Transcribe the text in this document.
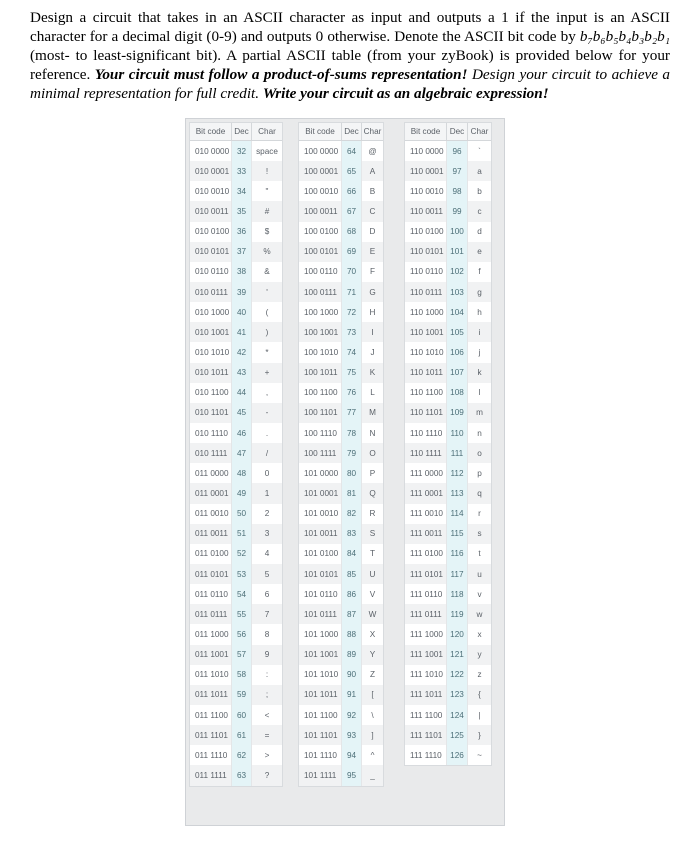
Design a circuit that takes in an ASCII character as input and outputs a 1 if the input is an ASCII character for a decimal digit (0-9) and outputs 0 otherwise. Denote the ASCII bit code by b₇b₆b₅b₄b₃b₂b₁ (most- to least-significant bit). A partial ASCII table (from your zyBook) is provided below for your reference. Your circuit must follow a product-of-sums representation! Design your circuit to achieve a minimal representation for full credit. Write your circuit as an algebraic expression!
Bit code	Dec	Char
010 0000	32	space
010 0001	33	!
010 0010	34	"
010 0011	35	#
010 0100	36	$
010 0101	37	%
010 0110	38	&
010 0111	39	'
010 1000	40	(
010 1001	41	)
010 1010	42	*
010 1011	43	+
010 1100	44	,
010 1101	45	-
010 1110	46	.
010 1111	47	/
011 0000	48	0
011 0001	49	1
011 0010	50	2
011 0011	51	3
011 0100	52	4
011 0101	53	5
011 0110	54	6
011 0111	55	7
011 1000	56	8
011 1001	57	9
011 1010	58	:
011 1011	59	;
011 1100	60	<
011 1101	61	=
011 1110	62	>
011 1111	63	?
Bit code	Dec	Char
100 0000	64	@
100 0001	65	A
100 0010	66	B
100 0011	67	C
100 0100	68	D
100 0101	69	E
100 0110	70	F
100 0111	71	G
100 1000	72	H
100 1001	73	I
100 1010	74	J
100 1011	75	K
100 1100	76	L
100 1101	77	M
100 1110	78	N
100 1111	79	O
101 0000	80	P
101 0001	81	Q
101 0010	82	R
101 0011	83	S
101 0100	84	T
101 0101	85	U
101 0110	86	V
101 0111	87	W
101 1000	88	X
101 1001	89	Y
101 1010	90	Z
101 1011	91	[
101 1100	92	\
101 1101	93	]
101 1110	94	^
101 1111	95	_
Bit code	Dec	Char
110 0000	96	`
110 0001	97	a
110 0010	98	b
110 0011	99	c
110 0100	100	d
110 0101	101	e
110 0110	102	f
110 0111	103	g
110 1000	104	h
110 1001	105	i
110 1010	106	j
110 1011	107	k
110 1100	108	l
110 1101	109	m
110 1110	110	n
110 1111	111	o
111 0000	112	p
111 0001	113	q
111 0010	114	r
111 0011	115	s
111 0100	116	t
111 0101	117	u
111 0110	118	v
111 0111	119	w
111 1000	120	x
111 1001	121	y
111 1010	122	z
111 1011	123	{
111 1100	124	|
111 1101	125	}
111 1110	126	~
